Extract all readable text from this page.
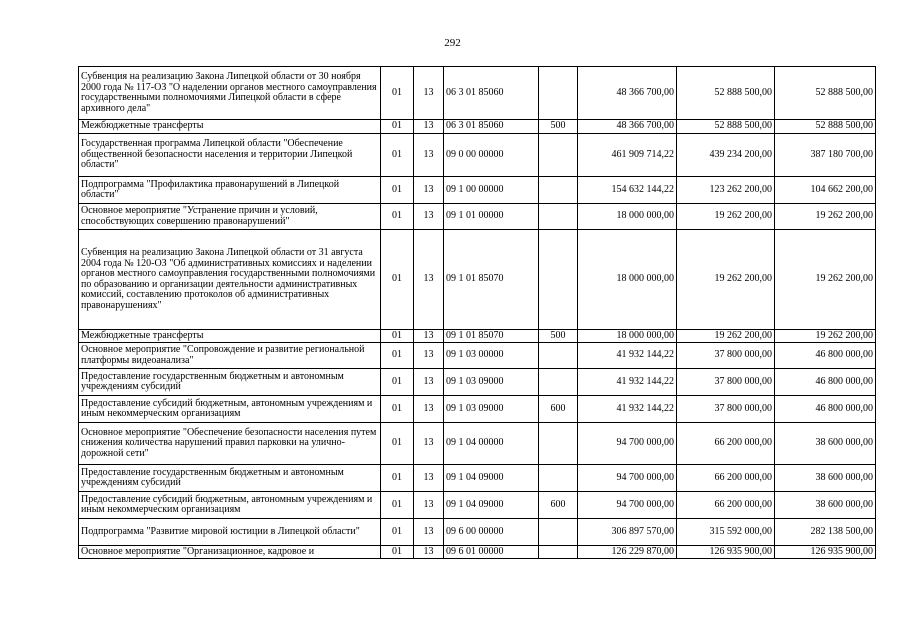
292
Субвенция на реализацию Закона Липецкой области от 30 ноября 2000 года № 117-ОЗ "О наделении органов местного самоуправления государственными полномочиями Липецкой области в сфере архивного дела"	01	13	06 3 01 85060		48 366 700,00	52 888 500,00	52 888 500,00
Межбюджетные трансферты	01	13	06 3 01 85060	500	48 366 700,00	52 888 500,00	52 888 500,00
Государственная программа Липецкой области "Обеспечение общественной безопасности населения и территории Липецкой области"	01	13	09 0 00 00000		461 909 714,22	439 234 200,00	387 180 700,00
Подпрограмма "Профилактика правонарушений в Липецкой области"	01	13	09 1 00 00000		154 632 144,22	123 262 200,00	104 662 200,00
Основное мероприятие "Устранение причин и условий, способствующих совершению правонарушений"	01	13	09 1 01 00000		18 000 000,00	19 262 200,00	19 262 200,00
Субвенция на реализацию Закона Липецкой области от 31 августа 2004 года № 120-ОЗ "Об административных комиссиях и наделении органов местного самоуправления государственными полномочиями по образованию и организации деятельности административных комиссий, составлению протоколов об административных правонарушениях"	01	13	09 1 01 85070		18 000 000,00	19 262 200,00	19 262 200,00
Межбюджетные трансферты	01	13	09 1 01 85070	500	18 000 000,00	19 262 200,00	19 262 200,00
Основное мероприятие "Сопровождение и развитие региональной платформы видеоанализа"	01	13	09 1 03 00000		41 932 144,22	37 800 000,00	46 800 000,00
Предоставление государственным бюджетным и автономным учреждениям субсидий	01	13	09 1 03 09000		41 932 144,22	37 800 000,00	46 800 000,00
Предоставление субсидий бюджетным, автономным учреждениям и иным некоммерческим организациям	01	13	09 1 03 09000	600	41 932 144,22	37 800 000,00	46 800 000,00
Основное мероприятие "Обеспечение безопасности населения путем снижения количества нарушений правил парковки на улично-дорожной сети"	01	13	09 1 04 00000		94 700 000,00	66 200 000,00	38 600 000,00
Предоставление государственным бюджетным и автономным учреждениям субсидий	01	13	09 1 04 09000		94 700 000,00	66 200 000,00	38 600 000,00
Предоставление субсидий бюджетным, автономным учреждениям и иным некоммерческим организациям	01	13	09 1 04 09000	600	94 700 000,00	66 200 000,00	38 600 000,00
Подпрограмма "Развитие мировой юстиции в Липецкой области"	01	13	09 6 00 00000		306 897 570,00	315 592 000,00	282 138 500,00
Основное мероприятие "Организационное, кадровое и	01	13	09 6 01 00000		126 229 870,00	126 935 900,00	126 935 900,00
